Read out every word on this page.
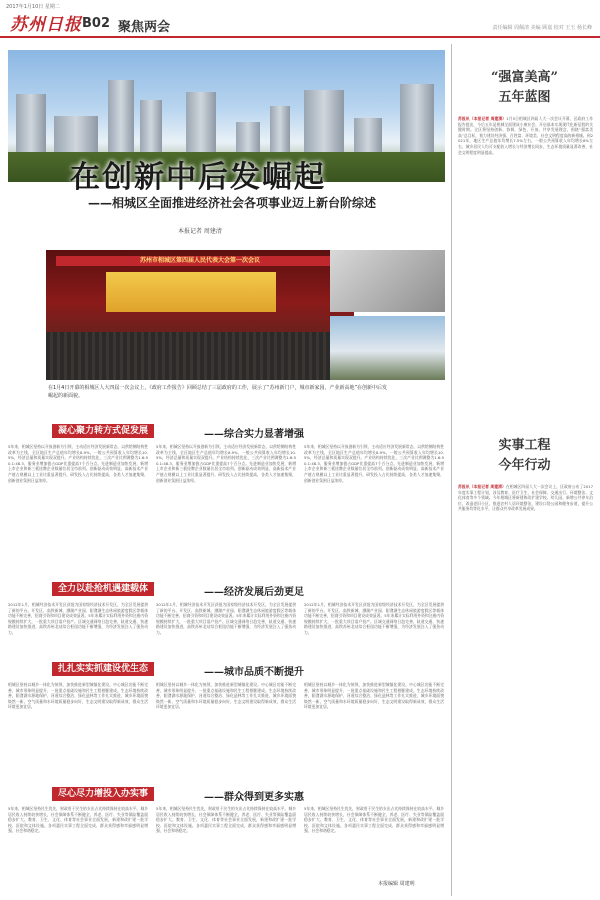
2017年1月10日 星期二
苏州日报 B02 聚焦两会	责任编辑 周佩清 美编 顾嘉 校对 王玉 杨长峰
在创新中后发崛起
——相城区全面推进经济社会各项事业迈上新台阶综述
本报记者 周建清
苏州市相城区第四届人民代表大会第一次会议
在1月4日开幕的相城区人大四届一次会议上，《政府工作报告》回顾总结了三届政府的工作，展示了“苏州新门户，城市新家园，产业新高地”在创新中后发崛起的新面貌。
凝心聚力转方式促发展	——综合实力显著增强
5年来，相城区坚持以开放创新为引领，主动适应经济发展新常态，以供给侧结构性改革为主线，全区地区生产总值年均增长8.9%，一般公共预算收入年均增长10.5%，经济总量和质量实现双提升。产业结构持续优化，三次产业比例调整为1.6:50.1:48.3，服务业增加值占GDP比重提高7个百分点。先进制造业加快发展，新增上市企业和新三板挂牌企业数量位居全市前列。创新驱动成效明显，高新技术产业产值占规模以上工业比重显著提升，研发投入占比持续提高，各类人才加速集聚，创新创业氛围日益浓厚。
5年来，相城区坚持以开放创新为引领，主动适应经济发展新常态，以供给侧结构性改革为主线，全区地区生产总值年均增长8.9%，一般公共预算收入年均增长10.5%，经济总量和质量实现双提升。产业结构持续优化，三次产业比例调整为1.6:50.1:48.3，服务业增加值占GDP比重提高7个百分点。先进制造业加快发展，新增上市企业和新三板挂牌企业数量位居全市前列。创新驱动成效明显，高新技术产业产值占规模以上工业比重显著提升，研发投入占比持续提高，各类人才加速集聚，创新创业氛围日益浓厚。
5年来，相城区坚持以开放创新为引领，主动适应经济发展新常态，以供给侧结构性改革为主线，全区地区生产总值年均增长8.9%，一般公共预算收入年均增长10.5%，经济总量和质量实现双提升。产业结构持续优化，三次产业比例调整为1.6:50.1:48.3，服务业增加值占GDP比重提高7个百分点。先进制造业加快发展，新增上市企业和新三板挂牌企业数量位居全市前列。创新驱动成效明显，高新技术产业产值占规模以上工业比重显著提升，研发投入占比持续提高，各类人才加速集聚，创新创业氛围日益浓厚。
全力以赴抢机遇建载体	——经济发展后劲更足
2012年1月，相城经济技术开发区获批为国家级经济技术开发区，为全区发展提供了新的平台。开发区、高铁新城、漕湖产业园、阳澄湖生态休闲旅游度假区等载体功能不断完善，招商引资和项目建设成效显著。5年来累计实际利用外资和注册内资规模持续扩大，一批重大项目落户投产。区域交通网络日趋完善，轨道交通、快速路建设加快推进，高铁苏州北站综合枢纽功能不断增强，为经济发展注入了强劲动力。
2012年1月，相城经济技术开发区获批为国家级经济技术开发区，为全区发展提供了新的平台。开发区、高铁新城、漕湖产业园、阳澄湖生态休闲旅游度假区等载体功能不断完善，招商引资和项目建设成效显著。5年来累计实际利用外资和注册内资规模持续扩大，一批重大项目落户投产。区域交通网络日趋完善，轨道交通、快速路建设加快推进，高铁苏州北站综合枢纽功能不断增强，为经济发展注入了强劲动力。
2012年1月，相城经济技术开发区获批为国家级经济技术开发区，为全区发展提供了新的平台。开发区、高铁新城、漕湖产业园、阳澄湖生态休闲旅游度假区等载体功能不断完善，招商引资和项目建设成效显著。5年来累计实际利用外资和注册内资规模持续扩大，一批重大项目落户投产。区域交通网络日趋完善，轨道交通、快速路建设加快推进，高铁苏州北站综合枢纽功能不断增强，为经济发展注入了强劲动力。
扎扎实实抓建设优生态	——城市品质不断提升
相城区坚持以城乡一体化为统领，加快推进新型城镇化建设。中心城区功能不断完善，城市形象明显提升，一批重点基础设施和民生工程相继建成。生态环境持续改善，阳澄湖水源地保护、河道综合整治、绿化造林等工作扎实推进，城乡环境面貌焕然一新，空气质量和水环境质量稳步向好，生态文明建设取得新成效，群众生活环境更加宜居。
相城区坚持以城乡一体化为统领，加快推进新型城镇化建设。中心城区功能不断完善，城市形象明显提升，一批重点基础设施和民生工程相继建成。生态环境持续改善，阳澄湖水源地保护、河道综合整治、绿化造林等工作扎实推进，城乡环境面貌焕然一新，空气质量和水环境质量稳步向好，生态文明建设取得新成效，群众生活环境更加宜居。
相城区坚持以城乡一体化为统领，加快推进新型城镇化建设。中心城区功能不断完善，城市形象明显提升，一批重点基础设施和民生工程相继建成。生态环境持续改善，阳澄湖水源地保护、河道综合整治、绿化造林等工作扎实推进，城乡环境面貌焕然一新，空气质量和水环境质量稳步向好，生态文明建设取得新成效，群众生活环境更加宜居。
尽心尽力增投入办实事	——群众得到更多实惠
5年来，相城区坚持民生优先，财政用于民生的支出占比持续保持在较高水平。城乡居民收入持续较快增长，社会保障体系不断健全，养老、医疗、失业等保险覆盖面稳步扩大。教育、卫生、文化、体育等社会事业全面发展，新建和改扩建一批学校、医院和文体设施。各项惠民实事工程全面完成，群众获得感和幸福感明显增强，社会和谐稳定。
5年来，相城区坚持民生优先，财政用于民生的支出占比持续保持在较高水平。城乡居民收入持续较快增长，社会保障体系不断健全，养老、医疗、失业等保险覆盖面稳步扩大。教育、卫生、文化、体育等社会事业全面发展，新建和改扩建一批学校、医院和文体设施。各项惠民实事工程全面完成，群众获得感和幸福感明显增强，社会和谐稳定。
5年来，相城区坚持民生优先，财政用于民生的支出占比持续保持在较高水平。城乡居民收入持续较快增长，社会保障体系不断健全，养老、医疗、失业等保险覆盖面稳步扩大。教育、卫生、文化、体育等社会事业全面发展，新建和改扩建一批学校、医院和文体设施。各项惠民实事工程全面完成，群众获得感和幸福感明显增强，社会和谐稳定。
本报编辑 周建明
“强富美高”
五年蓝图
苏报讯（本报记者 周建清）1月5日相城区四届人大一次会议开幕，区政府工作报告提出，今后五年是相城全面建成小康社会、开启基本实现现代化新征程的关键时期。全区将坚持创新、协调、绿色、开放、共享发展理念，围绕“强富美高”总目标，着力建设经济强、百姓富、环境美、社会文明程度高的新相城。到2021年，地区生产总值年均增长7.5%左右，一般公共预算收入年均增长6%左右，城乡居民人均可支配收入增长与经济增长同步，生态环境质量显著改善，社会文明程度明显提高。
实事工程
今年行动
苏报讯（本报记者 周建清）在相城区四届人大一次会议上，区政府公布了2017年度实事工程计划，涉及教育、医疗卫生、社会保障、交通出行、环境整治、文化体育等多个领域。今年相城区将新建和改扩建学校、幼儿园，新增公共停车泊位，改造老旧小区，推进农村人居环境整治，建设口袋公园和健身步道，提升公共服务均等化水平，让群众共享改革发展成果。
